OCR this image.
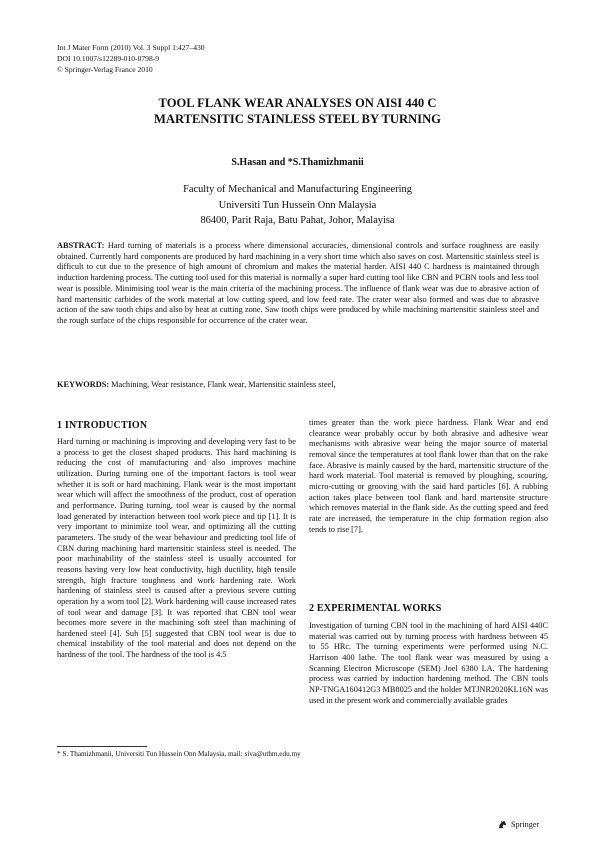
Int J Mater Form (2010) Vol. 3 Suppl 1:427–430
DOI 10.1007/s12289-010-0798-9
© Springer-Verlag France 2010
TOOL FLANK WEAR ANALYSES ON AISI 440 C
MARTENSITIC STAINLESS STEEL BY TURNING
S.Hasan and *S.Thamizhmanii
Faculty of Mechanical and Manufacturing Engineering
Universiti Tun Hussein Onn Malaysia
86400, Parit Raja, Batu Pahat, Johor, Malayisa
ABSTRACT: Hard turning of materials is a process where dimensional accuracies, dimensional controls and surface roughness are easily obtained. Currently hard components are produced by hard machining in a very short time which also saves on cost. Martensitic stainless steel is difficult to cut due to the presence of high amount of chromium and makes the material harder. AISI 440 C hardness is maintained through induction hardening process. The cutting tool used for this material is normally a super hard cutting tool like CBN and PCBN tools and less tool wear is possible. Minimising tool wear is the main criteria of the machining process. The influence of flank wear was due to abrasive action of hard martensitic carbides of the work material at low cutting speed, and low feed rate. The crater wear also formed and was due to abrasive action of the saw tooth chips and also by heat at cutting zone. Saw tooth chips were produced by while machining martensitic stainless steel and the rough surface of the chips responsible for occurrence of the crater wear.
KEYWORDS: Machining, Wear resistance, Flank wear, Martensitic stainless steel,
1 INTRODUCTION
Hard turning or machining is improving and developing very fast to be a process to get the closest shaped products. This hard machining is reducing the cost of manufacturing and also improves machine utilization. During turning one of the important factors is tool wear whether it is soft or hard machining. Flank wear is the most important wear which will affect the smoothness of the product, cost of operation and performance. During turning, tool wear is caused by the normal load generated by interaction between tool work piece and tip [1]. It is very important to minimize tool wear, and optimizing all the cutting parameters. The study of the wear behaviour and predicting tool life of CBN during machining hard martensitic stainless steel is needed. The poor machinability of the stainless steel is usually accounted for reasons having very low heat conductivity, high ductility, high tensile strength, high fracture toughness and work hardening rate. Work hardening of stainless steel is caused after a previous severe cutting operation by a worn tool [2]. Work hardening will cause increased rates of tool wear and damage [3]. It was reported that CBN tool wear becomes more severe in the machining soft steel than machining of hardened steel [4]. Suh [5] suggested that CBN tool wear is due to chemical instability of the tool material and does not depend on the hardness of the tool. The hardness of the tool is 4.5
times greater than the work piece hardness. Flank Wear and end clearance wear probably occur by both abrasive and adhesive wear mechanisms with abrasive wear being the major source of material removal since the temperatures at tool flank lower than that on the rake face. Abrasive is mainly caused by the hard, martensitic structure of the hard work material. Tool material is removed by ploughing, scouring, micro-cutting or grooving with the said hard particles [6]. A rubbing action takes place between tool flank and hard martensite structure which removes material in the flank side. As the cutting speed and feed rate are increased, the temperature in the chip formation region also tends to rise [7].
2 EXPERIMENTAL WORKS
Investigation of turning CBN tool in the machining of hard AISI 440C material was carried out by turning process with hardness between 45 to 55 HRc. The turning experiments were performed using N.C. Harrison 400 lathe. The tool flank wear was measured by using a Scanning Electron Microscope (SEM) Joel 6380 LA. The hardening process was carried by induction hardening method. The CBN tools NP-TNGA160412G3 MB8025 and the holder MTJNR2020KL16N was used in the present work and commercially available grades
* S. Thamizhmanii, Universiti Tun Hussein Onn Malaysia, mail: siva@uthm.edu.my
Springer
